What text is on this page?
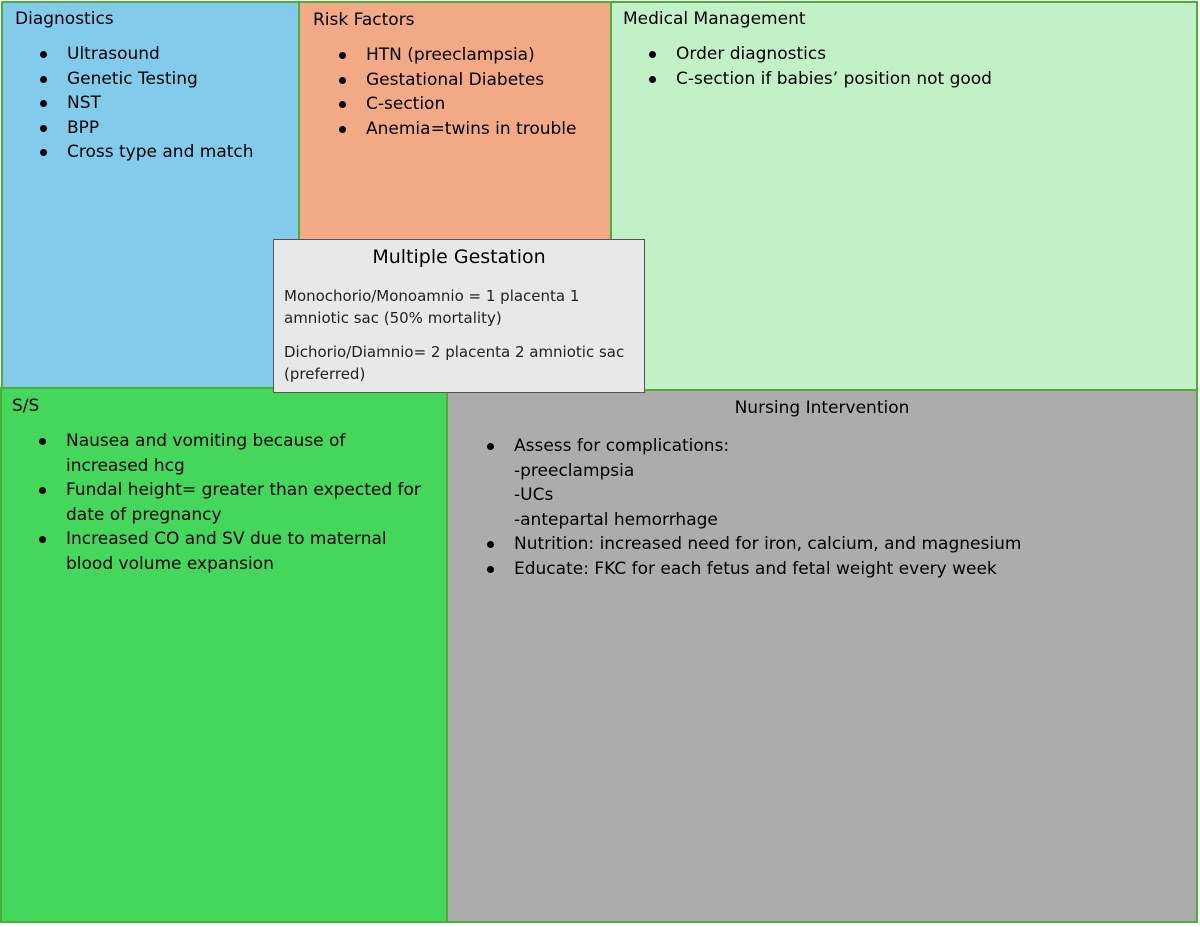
Diagnostics
Ultrasound
Genetic Testing
NST
BPP
Cross type and match
Risk Factors
HTN (preeclampsia)
Gestational Diabetes
C-section
Anemia=twins in trouble
Medical Management
Order diagnostics
C-section if babies’ position not good
S/S
Nausea and vomiting because of increased hcg
Fundal height= greater than expected for date of pregnancy
Increased CO and SV due to maternal blood volume expansion
Nursing Intervention
Assess for complications:
-preeclampsia
-UCs
-antepartal hemorrhage
Nutrition: increased need for iron, calcium, and magnesium
Educate: FKC for each fetus and fetal weight every week
Multiple Gestation
Monochorio/Monoamnio = 1 placenta 1 amniotic sac (50% mortality)
Dichorio/Diamnio= 2 placenta 2 amniotic sac (preferred)
